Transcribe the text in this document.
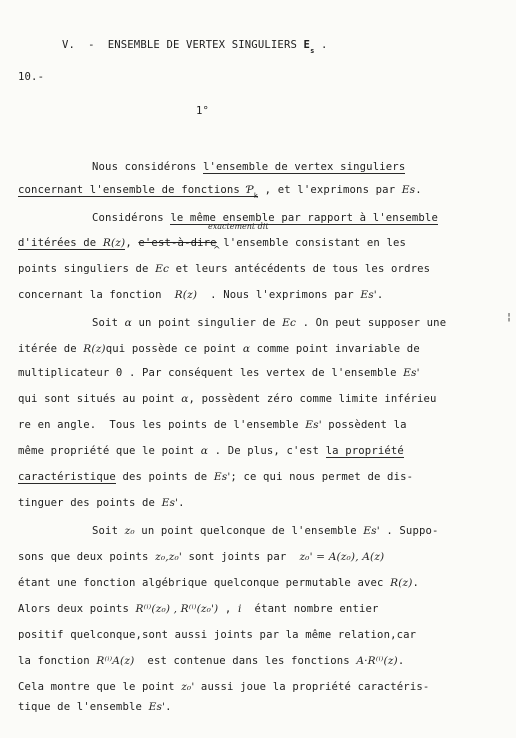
V.  -  ENSEMBLE DE VERTEX SINGULIERS $E_s$ .
10.-
1°
Nous considérons l'ensemble de vertex singuliers
concernant l'ensemble de fonctions $Ƥ_k$ , et l'exprimons par Es.
exactement dit
Considérons le même ensemble par rapport à l'ensemble
d'itérées de R(z), e'est-à-dire l'ensemble consistant en les
^
points singuliers de Ec et leurs antécédents de tous les ordres
concernant la fonction  R(z)  . Nous l'exprimons par Es'.
Soit α un point singulier de Ec . On peut supposer une	¦
itérée de R(z)qui possède ce point α comme point invariable de
multiplicateur 0 . Par conséquent les vertex de l'ensemble Es'
qui sont situés au point α, possèdent zéro comme limite inférieu
re en angle.  Tous les points de l'ensemble Es' possèdent la
même propriété que le point α . De plus, c'est la propriété
caractéristique des points de Es'; ce qui nous permet de dis-
tinguer des points de Es'.
Soit z₀ un point quelconque de l'ensemble Es' . Suppo-
sons que deux points z₀,z₀' sont joints par  z₀' = A(z₀), A(z)
étant une fonction algébrique quelconque permutable avec R(z).
Alors deux points R⁽ⁱ⁾(z₀) , R⁽ⁱ⁾(z₀') , i  étant nombre entier
positif quelconque,sont aussi joints par la même relation,car
la fonction R⁽ⁱ⁾A(z)  est contenue dans les fonctions A·R⁽ⁱ⁾(z).
Cela montre que le point z₀' aussi joue la propriété caractéris-
tique de l'ensemble Es'.
